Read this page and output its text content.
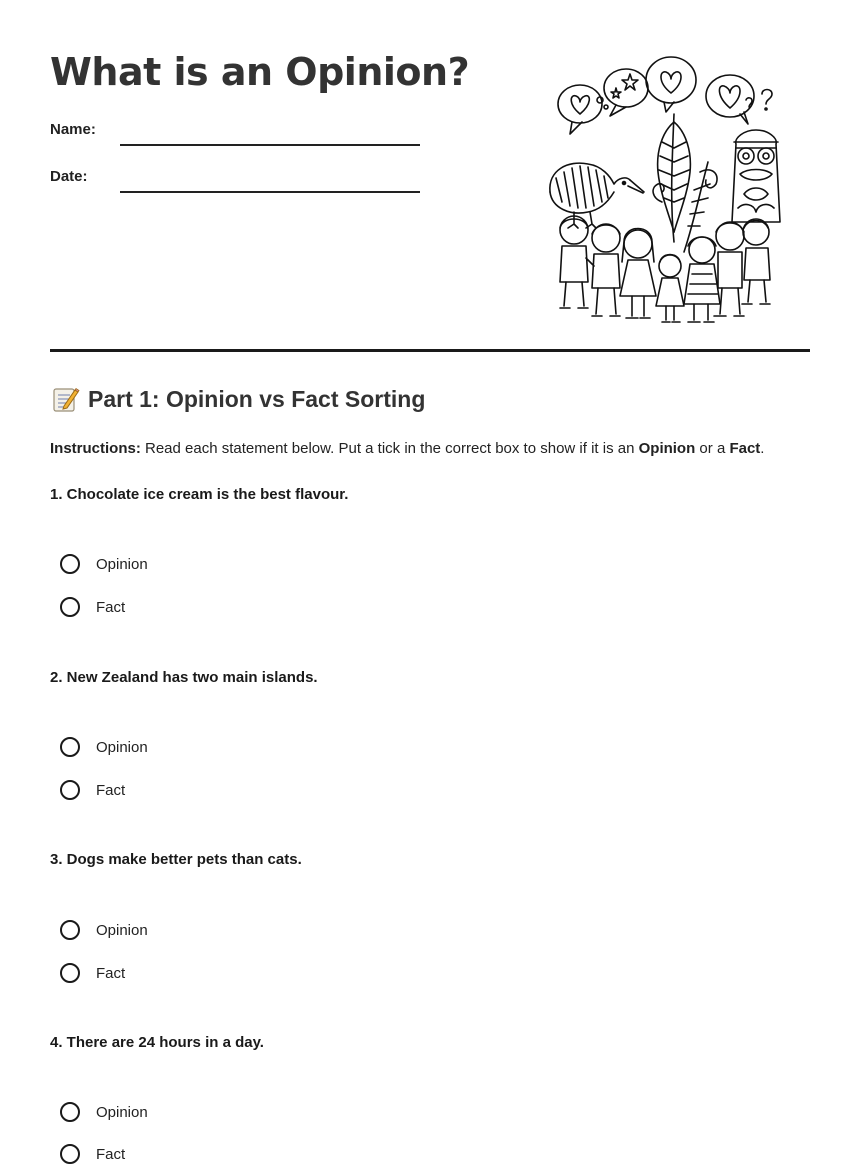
What is an Opinion?
Name:
Date:
Part 1: Opinion vs Fact Sorting
Instructions: Read each statement below. Put a tick in the correct box to show if it is an Opinion or a Fact.
1. Chocolate ice cream is the best flavour.
Opinion
Fact
2. New Zealand has two main islands.
Opinion
Fact
3. Dogs make better pets than cats.
Opinion
Fact
4. There are 24 hours in a day.
Opinion
Fact
